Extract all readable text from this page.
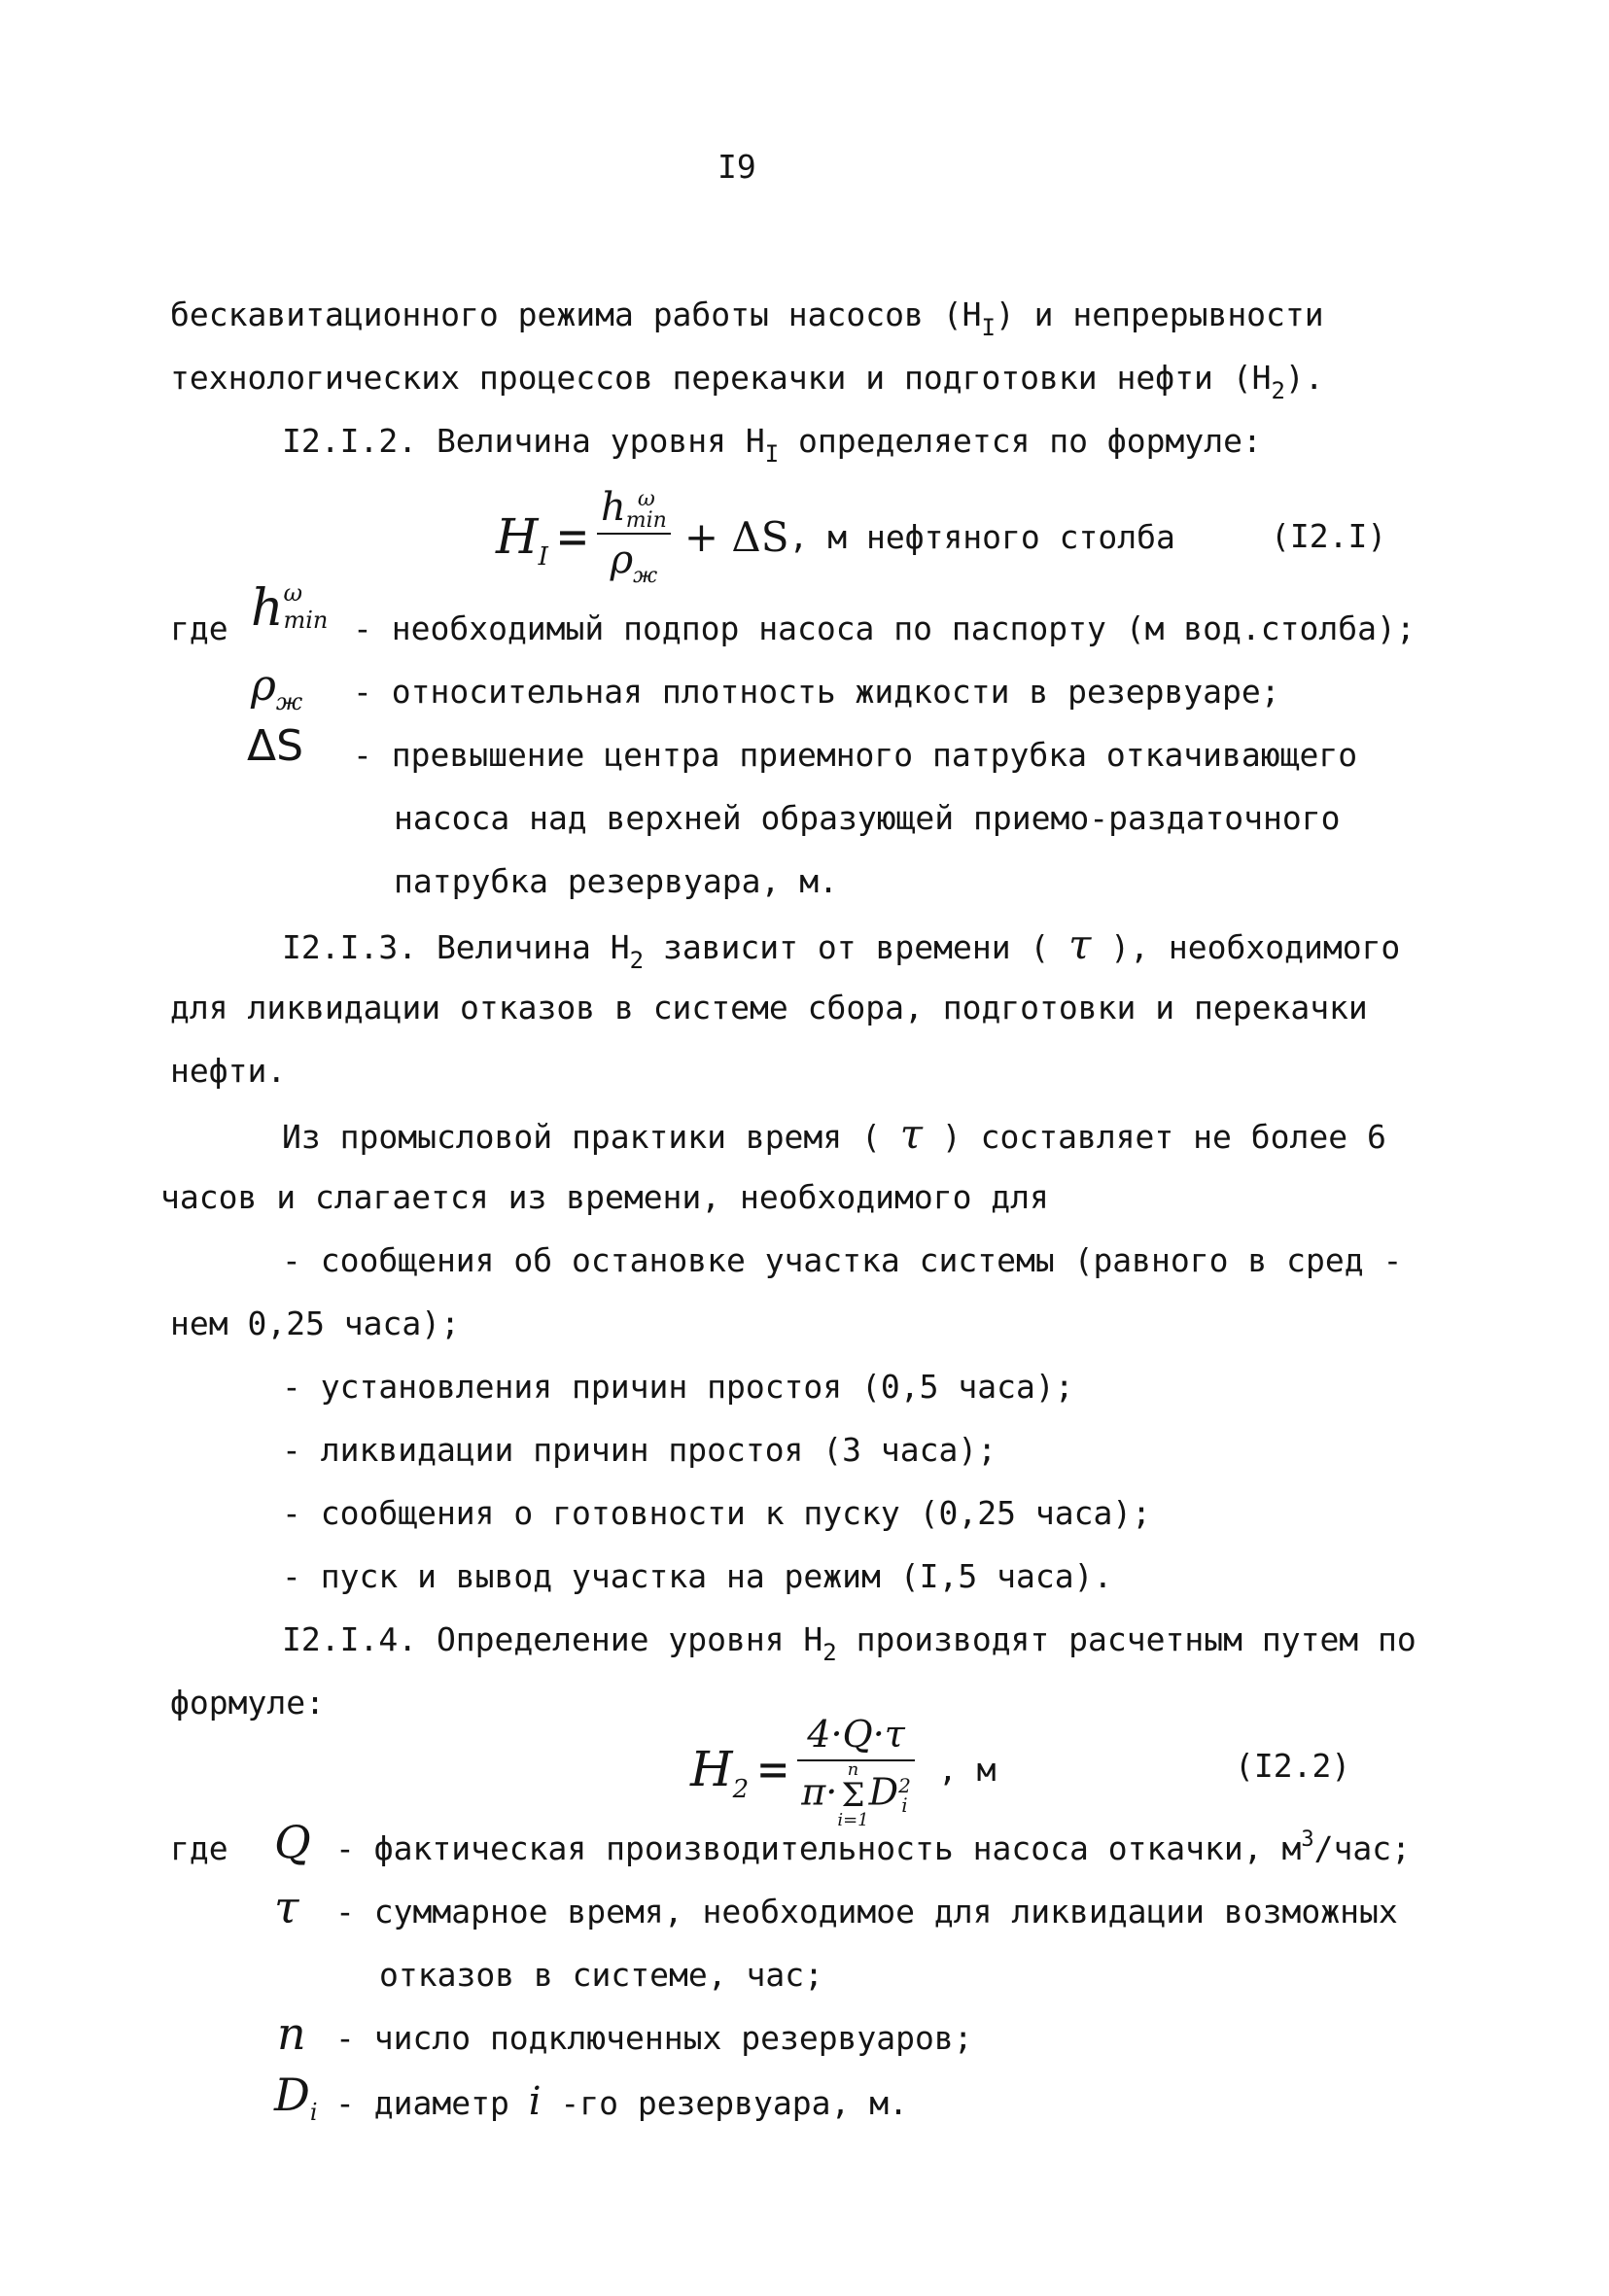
I9
бескавитационного режима работы насосов $(H_I)$ и непрерывности
технологических процессов перекачки и подготовки нефти $(H_2)$.
I2.I.2. Величина уровня $H_I$ определяется по формуле:
$H_I = h$ ω
min
$\rho_ж + \Delta S$ , м нефтяного столба	(I2.I)
где h ω
min - необходимый подпор насоса по паспорту (м вод.столба);
$\rho_ж$ - относительная плотность жидкости в резервуаре;
ΔS - превышение центра приемного патрубка откачивающего
насоса над верхней образующей приемо-раздаточного
патрубка резервуара, м.
I2.I.3. Величина $H_2$ зависит от времени ( τ ), необходимого
для ликвидации отказов в системе сбора, подготовки и перекачки
нефти.
Из промысловой практики время ( τ ) составляет не более 6
часов и слагается из времени, необходимого для
- сообщения об остановке участка системы (равного в сред -
нем 0,25 часа);
- установления причин простоя (0,5 часа);
- ликвидации причин простоя (3 часа);
- сообщения о готовности к пуску (0,25 часа);
- пуск и вывод участка на режим (I,5 часа).
I2.I.4. Определение уровня $H_2$ производят расчетным путем по
формуле:
$H_2 = 4\cdot Q\cdot\tau$
π·
n
Σ
i=1
D 2
i , м	(I2.2)
где Q - фактическая производительность насоса откачки, $м^3$/час;
τ - суммарное время, необходимое для ликвидации возможных
отказов в системе, час;
n - число подключенных резервуаров;
$D_i$ - диаметр i -го резервуара, м.
